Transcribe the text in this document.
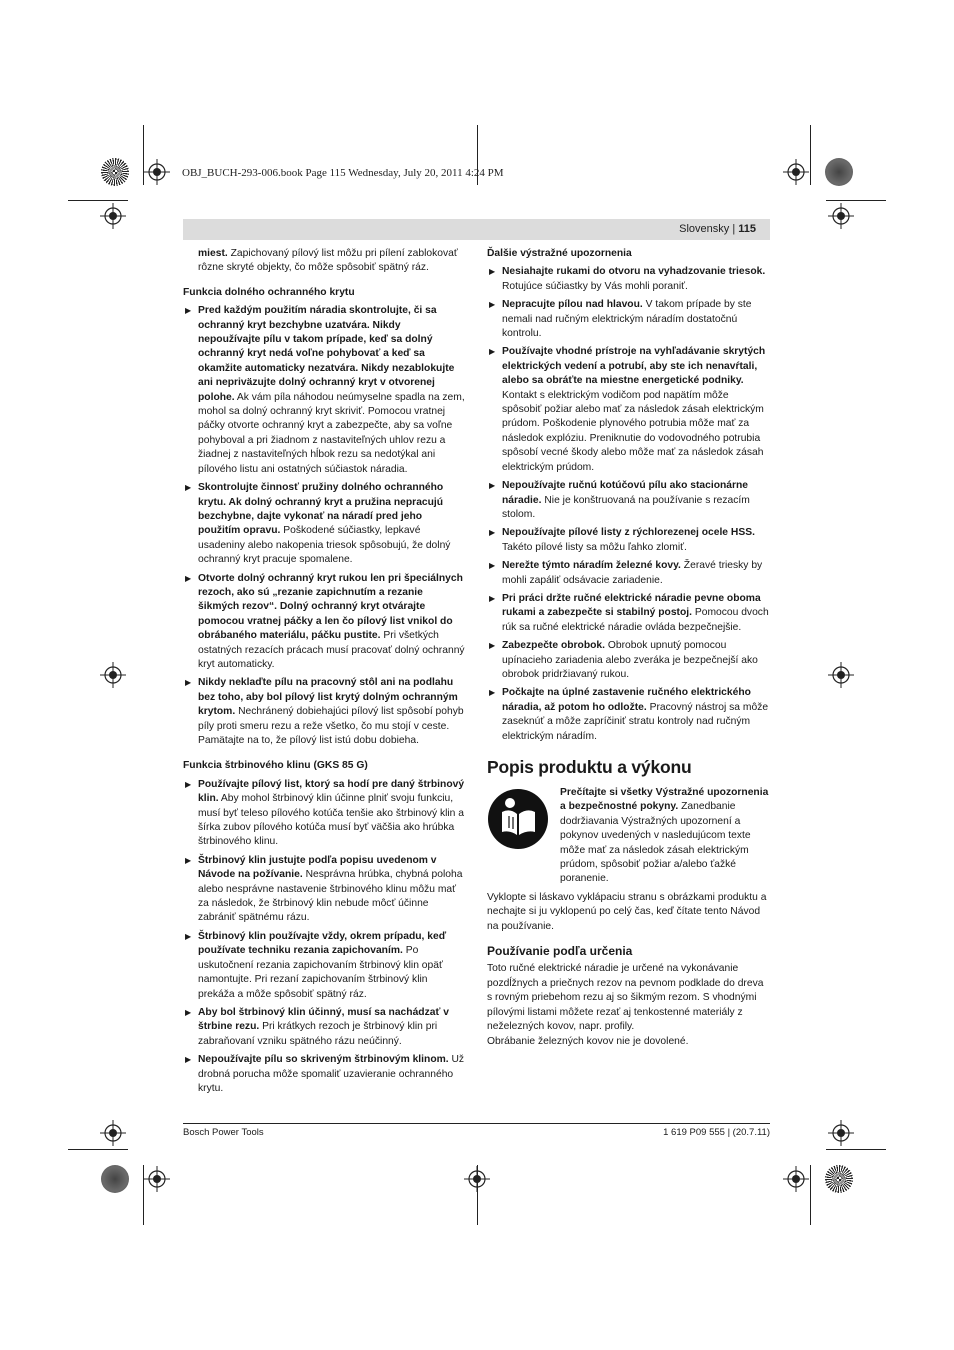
OBJ_BUCH-293-006.book Page 115 Wednesday, July 20, 2011 4:24 PM
Slovensky | 115
miest. Zapichovaný pílový list môžu pri pílení zablokovať rôzne skryté objekty, čo môže spôsobiť spätný ráz.
Funkcia dolného ochranného krytu
▶ Pred každým použitím náradia skontrolujte, či sa ochranný kryt bezchybne uzatvára. Nikdy nepoužívajte pílu v takom prípade, keď sa dolný ochranný kryt nedá voľne pohybovať a keď sa okamžite automaticky nezatvára. Nikdy nezablokujte ani nepriväzujte dolný ochranný kryt v otvorenej polohe. Ak vám píla náhodou neúmyselne spadla na zem, mohol sa dolný ochranný kryt skriviť. Pomocou vratnej páčky otvorte ochranný kryt a zabezpečte, aby sa voľne pohyboval a pri žiadnom z nastaviteľných uhlov rezu a žiadnej z nastaviteľných hĺbok rezu sa nedotýkal ani pílového listu ani ostatných súčiastok náradia.
▶ Skontrolujte činnosť pružiny dolného ochranného krytu. Ak dolný ochranný kryt a pružina nepracujú bezchybne, dajte vykonať na náradí pred jeho použitím opravu. Poškodené súčiastky, lepkavé usadeniny alebo nakopenia triesok spôsobujú, že dolný ochranný kryt pracuje spomalene.
▶ Otvorte dolný ochranný kryt rukou len pri špeciálnych rezoch, ako sú „rezanie zapichnutím a rezanie šikmých rezov“. Dolný ochranný kryt otvárajte pomocou vratnej páčky a len čo pílový list vnikol do obrábaného materiálu, páčku pustite. Pri všetkých ostatných rezacích prácach musí pracovať dolný ochranný kryt automaticky.
▶ Nikdy neklaďte pílu na pracovný stôl ani na podlahu bez toho, aby bol pílový list krytý dolným ochranným krytom. Nechránený dobiehajúci pílový list spôsobí pohyb píly proti smeru rezu a reže všetko, čo mu stojí v ceste. Pamätajte na to, že pílový list istú dobu dobieha.
Funkcia štrbinového klinu (GKS 85 G)
▶ Používajte pílový list, ktorý sa hodí pre daný štrbinový klin. Aby mohol štrbinový klin účinne plniť svoju funkciu, musí byť teleso pílového kotúča tenšie ako štrbinový klin a šírka zubov pílového kotúča musí byť väčšia ako hrúbka štrbinového klinu.
▶ Štrbinový klin justujte podľa popisu uvedenom v Návode na požívanie. Nesprávna hrúbka, chybná poloha alebo nesprávne nastavenie štrbinového klinu môžu mať za následok, že štrbinový klin nebude môcť účinne zabrániť spätnému rázu.
▶ Štrbinový klin používajte vždy, okrem prípadu, keď používate techniku rezania zapichovaním. Po uskutočnení rezania zapichovaním štrbinový klin opäť namontujte. Pri rezaní zapichovaním štrbinový klin prekáža a môže spôsobiť spätný ráz.
▶ Aby bol štrbinový klin účinný, musí sa nachádzať v štrbine rezu. Pri krátkych rezoch je štrbinový klin pri zabraňovaní vzniku spätného rázu neúčinný.
▶ Nepoužívajte pílu so skriveným štrbinovým klinom. Už drobná porucha môže spomaliť uzavieranie ochranného krytu.
Ďalšie výstražné upozornenia
▶ Nesiahajte rukami do otvoru na vyhadzovanie triesok. Rotujúce súčiastky by Vás mohli poraniť.
▶ Nepracujte pílou nad hlavou. V takom prípade by ste nemali nad ručným elektrickým náradím dostatočnú kontrolu.
▶ Používajte vhodné prístroje na vyhľadávanie skrytých elektrických vedení a potrubí, aby ste ich nenavŕtali, alebo sa obráťte na miestne energetické podniky. Kontakt s elektrickým vodičom pod napätím môže spôsobiť požiar alebo mať za následok zásah elektrickým prúdom. Poškodenie plynového potrubia môže mať za následok explóziu. Preniknutie do vodovodného potrubia spôsobí vecné škody alebo môže mať za následok zásah elektrickým prúdom.
▶ Nepoužívajte ručnú kotúčovú pílu ako stacionárne náradie. Nie je konštruovaná na používanie s rezacím stolom.
▶ Nepoužívajte pílové listy z rýchlorezenej ocele HSS. Takéto pílové listy sa môžu ľahko zlomiť.
▶ Nerežte týmto náradím železné kovy. Žeravé triesky by mohli zapáliť odsávacie zariadenie.
▶ Pri práci držte ručné elektrické náradie pevne oboma rukami a zabezpečte si stabilný postoj. Pomocou dvoch rúk sa ručné elektrické náradie ovláda bezpečnejšie.
▶ Zabezpečte obrobok. Obrobok upnutý pomocou upínacieho zariadenia alebo zveráka je bezpečnejší ako obrobok pridržiavaný rukou.
▶ Počkajte na úplné zastavenie ručného elektrického náradia, až potom ho odložte. Pracovný nástroj sa môže zaseknúť a môže zapríčiniť stratu kontroly nad ručným elektrickým náradím.
Popis produktu a výkonu
Prečítajte si všetky Výstražné upozornenia a bezpečnostné pokyny. Zanedbanie dodržiavania Výstražných upozornení a pokynov uvedených v nasledujúcom texte môže mať za následok zásah elektrickým prúdom, spôsobiť požiar a/alebo ťažké poranenie.
Vyklopte si láskavo vyklápaciu stranu s obrázkami produktu a nechajte si ju vyklopenú po celý čas, keď čítate tento Návod na používanie.
Používanie podľa určenia
Toto ručné elektrické náradie je určené na vykonávanie pozdĺžnych a priečnych rezov na pevnom podklade do dreva s rovným priebehom rezu aj so šikmým rezom. S vhodnými pílovými listami môžete rezať aj tenkostenné materiály z neželezných kovov, napr. profily.
Obrábanie železných kovov nie je dovolené.
Bosch Power Tools	1 619 P09 555 | (20.7.11)
